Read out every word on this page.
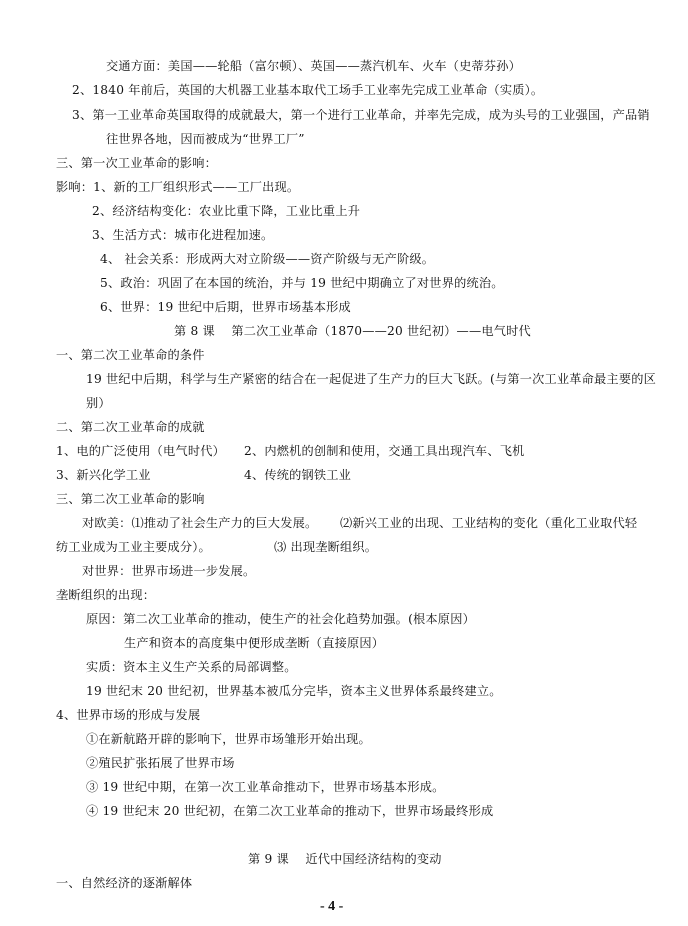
交通方面：美国——轮船（富尔顿）、英国——蒸汽机车、火车（史蒂芬孙）
2、1840 年前后，英国的大机器工业基本取代工场手工业率先完成工业革命（实质）。
3、第一工业革命英国取得的成就最大，第一个进行工业革命，并率先完成，成为头号的工业强国，产品销
往世界各地，因而被成为“世界工厂”
三、第一次工业革命的影响：
影响：1、新的工厂组织形式——工厂出现。
2、经济结构变化：农业比重下降，工业比重上升
3、生活方式：城市化进程加速。
4、 社会关系：形成两大对立阶级——资产阶级与无产阶级。
5、政治：巩固了在本国的统治，并与 19 世纪中期确立了对世界的统治。
6、世界：19 世纪中后期，世界市场基本形成
第 8 课　 第二次工业革命（1870——20 世纪初）——电气时代
一、第二次工业革命的条件
19 世纪中后期，科学与生产紧密的结合在一起促进了生产力的巨大飞跃。(与第一次工业革命最主要的区
别）
二、第二次工业革命的成就
1、电的广泛使用（电气时代） 2、内燃机的创制和使用，交通工具出现汽车、飞机
3、新兴化学工业	4、传统的钢铁工业
三、第二次工业革命的影响
对欧美：⑴推动了社会生产力的巨大发展。 ⑵新兴工业的出现、工业结构的变化（重化工业取代轻
纺工业成为工业主要成分）。	⑶ 出现垄断组织。
对世界：世界市场进一步发展。
垄断组织的出现：
原因：第二次工业革命的推动，使生产的社会化趋势加强。(根本原因）
生产和资本的高度集中便形成垄断（直接原因）
实质：资本主义生产关系的局部调整。
19 世纪末 20 世纪初，世界基本被瓜分完毕，资本主义世界体系最终建立。
4、世界市场的形成与发展
①在新航路开辟的影响下，世界市场雏形开始出现。
②殖民扩张拓展了世界市场
③ 19 世纪中期，在第一次工业革命推动下，世界市场基本形成。
④ 19 世纪末 20 世纪初，在第二次工业革命的推动下，世界市场最终形成
第 9 课　 近代中国经济结构的变动
一、自然经济的逐渐解体
- 4 -
